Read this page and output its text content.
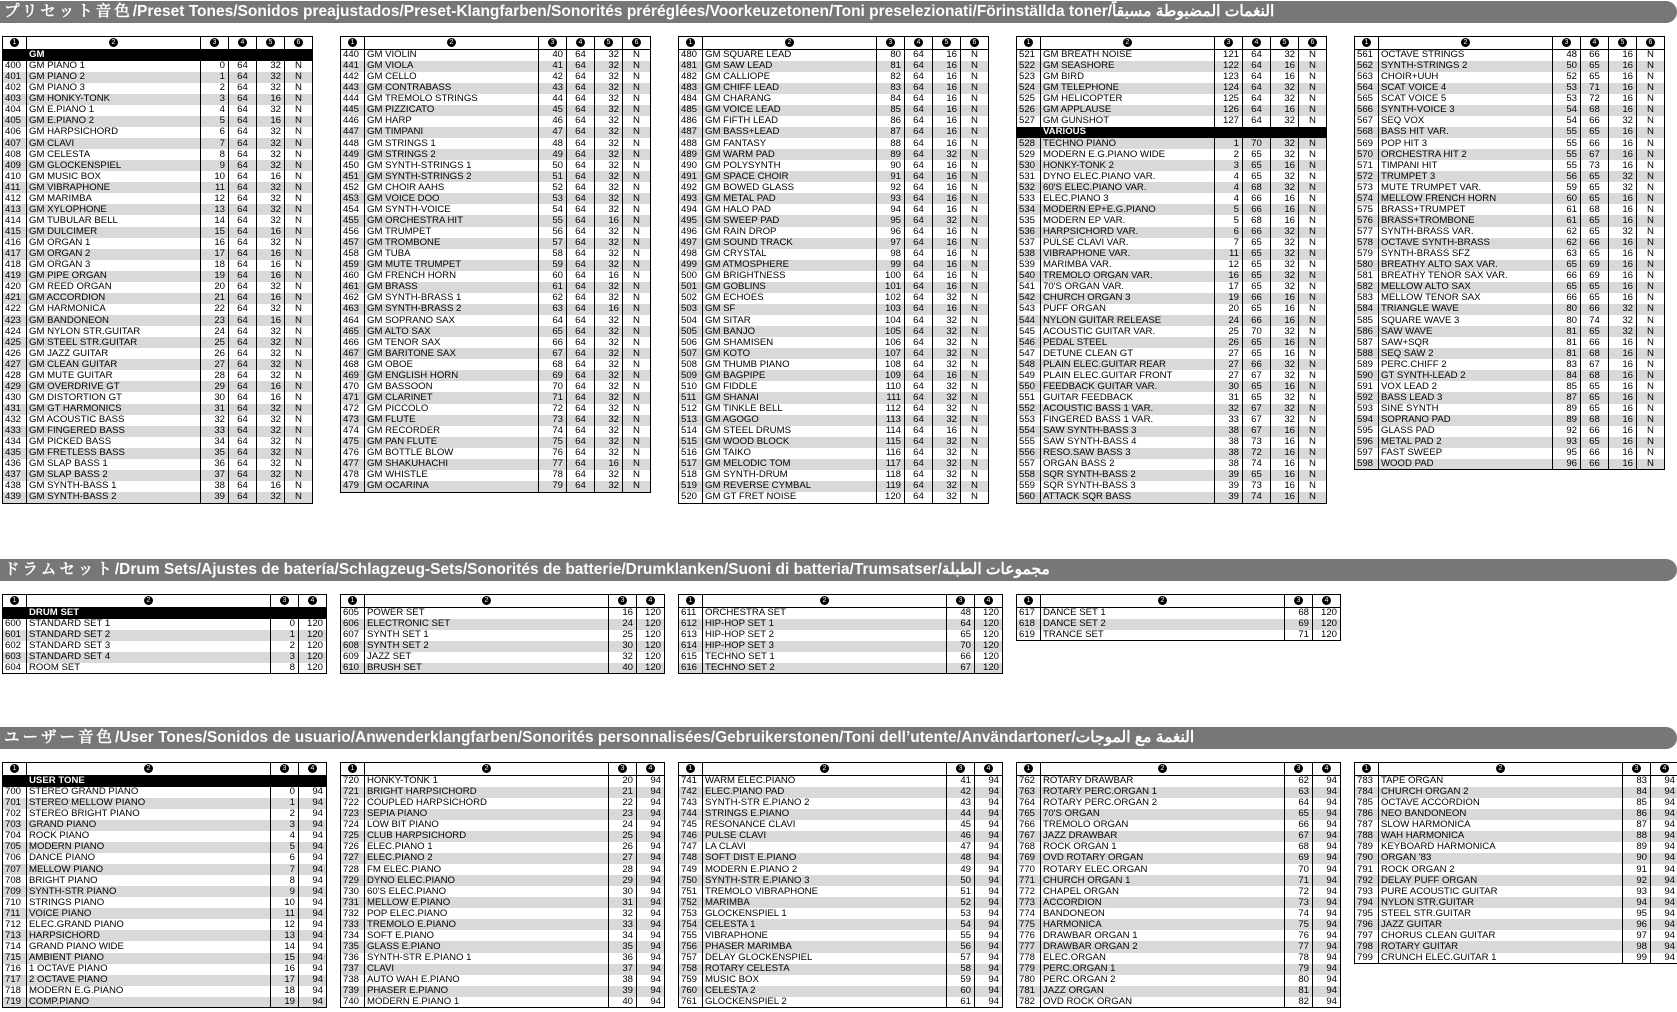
プリセット音色/Preset Tones/Sonidos preajustados/Preset-Klangfarben/Sonorités préréglées/Voorkeuzetonen/Toni preselezionati/Förinställda toner/النغمات المضبوطة مسبقاً
ドラムセット/Drum Sets/Ajustes de batería/Schlagzeug-Sets/Sonorités de batterie/Drumklanken/Suoni di batteria/Trumsatser/مجموعات الطبلة
ユーザー音色/User Tones/Sonidos de usuario/Anwenderklangfarben/Sonorités personnalisées/Gebruikerstonen/Toni dell’utente/Användartoner/النغمة مع الموجات
1	2	3	4	5	6
	GM				
400	GM PIANO 1	0	64	32	N
401	GM PIANO 2	1	64	32	N
402	GM PIANO 3	2	64	32	N
403	GM HONKY-TONK	3	64	16	N
404	GM E.PIANO 1	4	64	32	N
405	GM E.PIANO 2	5	64	16	N
406	GM HARPSICHORD	6	64	32	N
407	GM CLAVI	7	64	32	N
408	GM CELESTA	8	64	32	N
409	GM GLOCKENSPIEL	9	64	32	N
410	GM MUSIC BOX	10	64	16	N
411	GM VIBRAPHONE	11	64	32	N
412	GM MARIMBA	12	64	32	N
413	GM XYLOPHONE	13	64	32	N
414	GM TUBULAR BELL	14	64	32	N
415	GM DULCIMER	15	64	16	N
416	GM ORGAN 1	16	64	32	N
417	GM ORGAN 2	17	64	16	N
418	GM ORGAN 3	18	64	16	N
419	GM PIPE ORGAN	19	64	16	N
420	GM REED ORGAN	20	64	32	N
421	GM ACCORDION	21	64	16	N
422	GM HARMONICA	22	64	32	N
423	GM BANDONEON	23	64	16	N
424	GM NYLON STR.GUITAR	24	64	32	N
425	GM STEEL STR.GUITAR	25	64	32	N
426	GM JAZZ GUITAR	26	64	32	N
427	GM CLEAN GUITAR	27	64	32	N
428	GM MUTE GUITAR	28	64	32	N
429	GM OVERDRIVE GT	29	64	16	N
430	GM DISTORTION GT	30	64	16	N
431	GM GT HARMONICS	31	64	32	N
432	GM ACOUSTIC BASS	32	64	32	N
433	GM FINGERED BASS	33	64	32	N
434	GM PICKED BASS	34	64	32	N
435	GM FRETLESS BASS	35	64	32	N
436	GM SLAP BASS 1	36	64	32	N
437	GM SLAP BASS 2	37	64	32	N
438	GM SYNTH-BASS 1	38	64	16	N
439	GM SYNTH-BASS 2	39	64	32	N
1	2	3	4	5	6
440	GM VIOLIN	40	64	32	N
441	GM VIOLA	41	64	32	N
442	GM CELLO	42	64	32	N
443	GM CONTRABASS	43	64	32	N
444	GM TREMOLO STRINGS	44	64	32	N
445	GM PIZZICATO	45	64	32	N
446	GM HARP	46	64	32	N
447	GM TIMPANI	47	64	32	N
448	GM STRINGS 1	48	64	32	N
449	GM STRINGS 2	49	64	32	N
450	GM SYNTH-STRINGS 1	50	64	32	N
451	GM SYNTH-STRINGS 2	51	64	32	N
452	GM CHOIR AAHS	52	64	32	N
453	GM VOICE DOO	53	64	32	N
454	GM SYNTH-VOICE	54	64	32	N
455	GM ORCHESTRA HIT	55	64	16	N
456	GM TRUMPET	56	64	32	N
457	GM TROMBONE	57	64	32	N
458	GM TUBA	58	64	32	N
459	GM MUTE TRUMPET	59	64	32	N
460	GM FRENCH HORN	60	64	16	N
461	GM BRASS	61	64	32	N
462	GM SYNTH-BRASS 1	62	64	32	N
463	GM SYNTH-BRASS 2	63	64	16	N
464	GM SOPRANO SAX	64	64	32	N
465	GM ALTO SAX	65	64	32	N
466	GM TENOR SAX	66	64	32	N
467	GM BARITONE SAX	67	64	32	N
468	GM OBOE	68	64	32	N
469	GM ENGLISH HORN	69	64	32	N
470	GM BASSOON	70	64	32	N
471	GM CLARINET	71	64	32	N
472	GM PICCOLO	72	64	32	N
473	GM FLUTE	73	64	32	N
474	GM RECORDER	74	64	32	N
475	GM PAN FLUTE	75	64	32	N
476	GM BOTTLE BLOW	76	64	32	N
477	GM SHAKUHACHI	77	64	16	N
478	GM WHISTLE	78	64	32	N
479	GM OCARINA	79	64	32	N
1	2	3	4	5	6
480	GM SQUARE LEAD	80	64	16	N
481	GM SAW LEAD	81	64	16	N
482	GM CALLIOPE	82	64	16	N
483	GM CHIFF LEAD	83	64	16	N
484	GM CHARANG	84	64	16	N
485	GM VOICE LEAD	85	64	16	N
486	GM FIFTH LEAD	86	64	16	N
487	GM BASS+LEAD	87	64	16	N
488	GM FANTASY	88	64	16	N
489	GM WARM PAD	89	64	32	N
490	GM POLYSYNTH	90	64	16	N
491	GM SPACE CHOIR	91	64	16	N
492	GM BOWED GLASS	92	64	16	N
493	GM METAL PAD	93	64	16	N
494	GM HALO PAD	94	64	16	N
495	GM SWEEP PAD	95	64	32	N
496	GM RAIN DROP	96	64	16	N
497	GM SOUND TRACK	97	64	16	N
498	GM CRYSTAL	98	64	16	N
499	GM ATMOSPHERE	99	64	16	N
500	GM BRIGHTNESS	100	64	16	N
501	GM GOBLINS	101	64	16	N
502	GM ECHOES	102	64	32	N
503	GM SF	103	64	16	N
504	GM SITAR	104	64	32	N
505	GM BANJO	105	64	32	N
506	GM SHAMISEN	106	64	32	N
507	GM KOTO	107	64	32	N
508	GM THUMB PIANO	108	64	32	N
509	GM BAGPIPE	109	64	16	N
510	GM FIDDLE	110	64	32	N
511	GM SHANAI	111	64	32	N
512	GM TINKLE BELL	112	64	32	N
513	GM AGOGO	113	64	32	N
514	GM STEEL DRUMS	114	64	16	N
515	GM WOOD BLOCK	115	64	32	N
516	GM TAIKO	116	64	32	N
517	GM MELODIC TOM	117	64	32	N
518	GM SYNTH-DRUM	118	64	32	N
519	GM REVERSE CYMBAL	119	64	32	N
520	GM GT FRET NOISE	120	64	32	N
1	2	3	4	5	6
521	GM BREATH NOISE	121	64	32	N
522	GM SEASHORE	122	64	16	N
523	GM BIRD	123	64	16	N
524	GM TELEPHONE	124	64	32	N
525	GM HELICOPTER	125	64	32	N
526	GM APPLAUSE	126	64	16	N
527	GM GUNSHOT	127	64	32	N
	VARIOUS				
528	TECHNO PIANO	1	70	32	N
529	MODERN E.G.PIANO WIDE	2	65	32	N
530	HONKY-TONK 2	3	65	16	N
531	DYNO ELEC.PIANO VAR.	4	65	32	N
532	60'S ELEC.PIANO VAR.	4	68	32	N
533	ELEC.PIANO 3	4	66	16	N
534	MODERN EP+E.G.PIANO	5	66	16	N
535	MODERN EP VAR.	5	68	16	N
536	HARPSICHORD VAR.	6	66	32	N
537	PULSE CLAVI VAR.	7	65	32	N
538	VIBRAPHONE VAR.	11	65	32	N
539	MARIMBA VAR.	12	65	32	N
540	TREMOLO ORGAN VAR.	16	65	32	N
541	70'S ORGAN VAR.	17	65	32	N
542	CHURCH ORGAN 3	19	66	16	N
543	PUFF ORGAN	20	65	16	N
544	NYLON GUITAR RELEASE	24	66	16	N
545	ACOUSTIC GUITAR VAR.	25	70	32	N
546	PEDAL STEEL	26	65	16	N
547	DETUNE CLEAN GT	27	65	16	N
548	PLAIN ELEC.GUITAR REAR	27	66	32	N
549	PLAIN ELEC.GUITAR FRONT	27	67	32	N
550	FEEDBACK GUITAR VAR.	30	65	16	N
551	GUITAR FEEDBACK	31	65	32	N
552	ACOUSTIC BASS 1 VAR.	32	67	32	N
553	FINGERED BASS 1 VAR.	33	67	32	N
554	SAW SYNTH-BASS 3	38	67	16	N
555	SAW SYNTH-BASS 4	38	73	16	N
556	RESO.SAW BASS 3	38	72	16	N
557	ORGAN BASS 2	38	74	16	N
558	SQR SYNTH-BASS 2	39	65	16	N
559	SQR SYNTH-BASS 3	39	73	16	N
560	ATTACK SQR BASS	39	74	16	N
1	2	3	4	5	6
561	OCTAVE STRINGS	48	66	16	N
562	SYNTH-STRINGS 2	50	65	16	N
563	CHOIR+UUH	52	65	16	N
564	SCAT VOICE 4	53	71	16	N
565	SCAT VOICE 5	53	72	16	N
566	SYNTH-VOICE 3	54	68	16	N
567	SEQ VOX	54	66	32	N
568	BASS HIT VAR.	55	65	16	N
569	POP HIT 3	55	66	16	N
570	ORCHESTRA HIT 2	55	67	16	N
571	TIMPANI HIT	55	73	16	N
572	TRUMPET 3	56	65	32	N
573	MUTE TRUMPET VAR.	59	65	32	N
574	MELLOW FRENCH HORN	60	65	16	N
575	BRASS+TRUMPET	61	68	16	N
576	BRASS+TROMBONE	61	65	16	N
577	SYNTH-BRASS VAR.	62	65	32	N
578	OCTAVE SYNTH-BRASS	62	66	16	N
579	SYNTH-BRASS SFZ	63	65	16	N
580	BREATHY ALTO SAX VAR.	65	69	16	N
581	BREATHY TENOR SAX VAR.	66	69	16	N
582	MELLOW ALTO SAX	65	65	16	N
583	MELLOW TENOR SAX	66	65	16	N
584	TRIANGLE WAVE	80	66	32	N
585	SQUARE WAVE 3	80	74	32	N
586	SAW WAVE	81	65	32	N
587	SAW+SQR	81	66	16	N
588	SEQ SAW 2	81	68	16	N
589	PERC.CHIFF 2	83	67	16	N
590	GT SYNTH-LEAD 2	84	68	16	N
591	VOX LEAD 2	85	65	16	N
592	BASS LEAD 3	87	65	16	N
593	SINE SYNTH	89	65	16	N
594	SOPRANO PAD	89	68	16	N
595	GLASS PAD	92	66	16	N
596	METAL PAD 2	93	65	16	N
597	FAST SWEEP	95	66	16	N
598	WOOD PAD	96	66	16	N
1	2	3	4
	DRUM SET		
600	STANDARD SET 1	0	120
601	STANDARD SET 2	1	120
602	STANDARD SET 3	2	120
603	STANDARD SET 4	3	120
604	ROOM SET	8	120
1	2	3	4
605	POWER SET	16	120
606	ELECTRONIC SET	24	120
607	SYNTH SET 1	25	120
608	SYNTH SET 2	30	120
609	JAZZ SET	32	120
610	BRUSH SET	40	120
1	2	3	4
611	ORCHESTRA SET	48	120
612	HIP-HOP SET 1	64	120
613	HIP-HOP SET 2	65	120
614	HIP-HOP SET 3	70	120
615	TECHNO SET 1	66	120
616	TECHNO SET 2	67	120
1	2	3	4
617	DANCE SET 1	68	120
618	DANCE SET 2	69	120
619	TRANCE SET	71	120
1	2	3	4
	USER TONE		
700	STEREO GRAND PIANO	0	94
701	STEREO MELLOW PIANO	1	94
702	STEREO BRIGHT PIANO	2	94
703	GRAND PIANO	3	94
704	ROCK PIANO	4	94
705	MODERN PIANO	5	94
706	DANCE PIANO	6	94
707	MELLOW PIANO	7	94
708	BRIGHT PIANO	8	94
709	SYNTH-STR PIANO	9	94
710	STRINGS PIANO	10	94
711	VOICE PIANO	11	94
712	ELEC.GRAND PIANO	12	94
713	HARPSICHORD	13	94
714	GRAND PIANO WIDE	14	94
715	AMBIENT PIANO	15	94
716	1 OCTAVE PIANO	16	94
717	2 OCTAVE PIANO	17	94
718	MODERN E.G.PIANO	18	94
719	COMP.PIANO	19	94
1	2	3	4
720	HONKY-TONK 1	20	94
721	BRIGHT HARPSICHORD	21	94
722	COUPLED HARPSICHORD	22	94
723	SEPIA PIANO	23	94
724	LOW BIT PIANO	24	94
725	CLUB HARPSICHORD	25	94
726	ELEC.PIANO 1	26	94
727	ELEC.PIANO 2	27	94
728	FM ELEC.PIANO	28	94
729	DYNO ELEC.PIANO	29	94
730	60'S ELEC.PIANO	30	94
731	MELLOW E.PIANO	31	94
732	POP ELEC.PIANO	32	94
733	TREMOLO E.PIANO	33	94
734	SOFT E.PIANO	34	94
735	GLASS E.PIANO	35	94
736	SYNTH-STR E.PIANO 1	36	94
737	CLAVI	37	94
738	AUTO WAH E.PIANO	38	94
739	PHASER E.PIANO	39	94
740	MODERN E.PIANO 1	40	94
1	2	3	4
741	WARM ELEC.PIANO	41	94
742	ELEC.PIANO PAD	42	94
743	SYNTH-STR E.PIANO 2	43	94
744	STRINGS E.PIANO	44	94
745	RESONANCE CLAVI	45	94
746	PULSE CLAVI	46	94
747	LA CLAVI	47	94
748	SOFT DIST E.PIANO	48	94
749	MODERN E.PIANO 2	49	94
750	SYNTH-STR E.PIANO 3	50	94
751	TREMOLO VIBRAPHONE	51	94
752	MARIMBA	52	94
753	GLOCKENSPIEL 1	53	94
754	CELESTA 1	54	94
755	VIBRAPHONE	55	94
756	PHASER MARIMBA	56	94
757	DELAY GLOCKENSPIEL	57	94
758	ROTARY CELESTA	58	94
759	MUSIC BOX	59	94
760	CELESTA 2	60	94
761	GLOCKENSPIEL 2	61	94
1	2	3	4
762	ROTARY DRAWBAR	62	94
763	ROTARY PERC.ORGAN 1	63	94
764	ROTARY PERC.ORGAN 2	64	94
765	70'S ORGAN	65	94
766	TREMOLO ORGAN	66	94
767	JAZZ DRAWBAR	67	94
768	ROCK ORGAN 1	68	94
769	OVD ROTARY ORGAN	69	94
770	ROTARY ELEC.ORGAN	70	94
771	CHURCH ORGAN 1	71	94
772	CHAPEL ORGAN	72	94
773	ACCORDION	73	94
774	BANDONEON	74	94
775	HARMONICA	75	94
776	DRAWBAR ORGAN 1	76	94
777	DRAWBAR ORGAN 2	77	94
778	ELEC.ORGAN	78	94
779	PERC.ORGAN 1	79	94
780	PERC.ORGAN 2	80	94
781	JAZZ ORGAN	81	94
782	OVD ROCK ORGAN	82	94
1	2	3	4
783	TAPE ORGAN	83	94
784	CHURCH ORGAN 2	84	94
785	OCTAVE ACCORDION	85	94
786	NEO BANDONEON	86	94
787	SLOW HARMONICA	87	94
788	WAH HARMONICA	88	94
789	KEYBOARD HARMONICA	89	94
790	ORGAN '83	90	94
791	ROCK ORGAN 2	91	94
792	DELAY PUFF ORGAN	92	94
793	PURE ACOUSTIC GUITAR	93	94
794	NYLON STR.GUITAR	94	94
795	STEEL STR.GUITAR	95	94
796	JAZZ GUITAR	96	94
797	CHORUS CLEAN GUITAR	97	94
798	ROTARY GUITAR	98	94
799	CRUNCH ELEC.GUITAR 1	99	94
